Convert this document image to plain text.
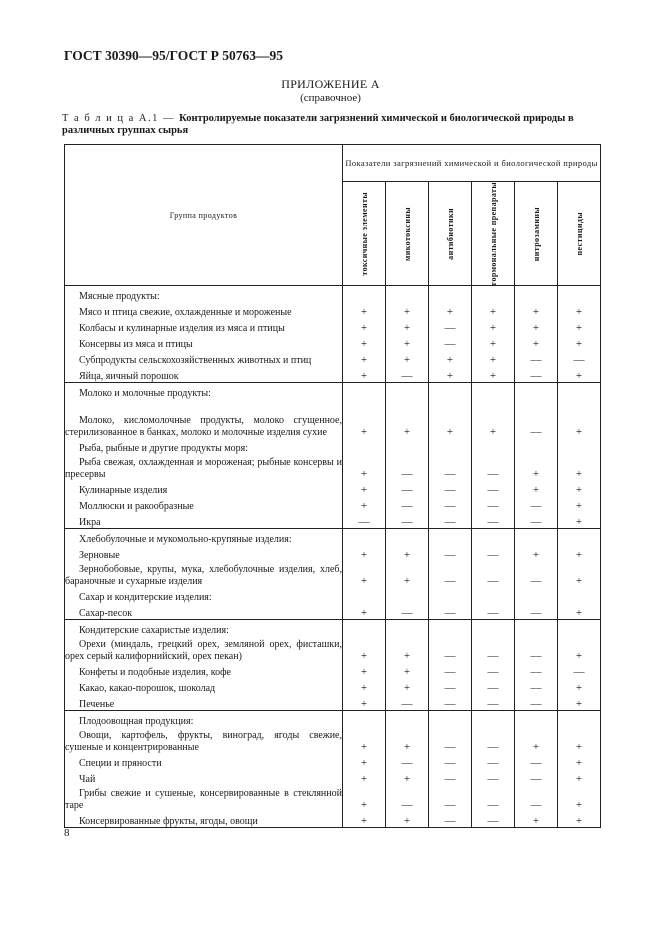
ГОСТ 30390—95/ГОСТ Р 50763—95
ПРИЛОЖЕНИЕ А
(справочное)
Т а б л и ц а А.1 — Контролируемые показатели загрязнений химической и биологической природы в различных группах сырья
Группа продуктов	Показатели загрязнений химической и биологической природы					

	токсичные элементы	микотоксины	антибиотики	гормональные препараты	нитрозамины	пестициды

Мясные продукты:						
Мясо и птица свежие, охлажденные и мороженые	+	+	+	+	+	+
Колбасы и кулинарные изделия из мяса и птицы	+	+	—	+	+	+
Консервы из мяса и птицы	+	+	—	+	+	+
Субпродукты сельскохозяйственных животных и птиц	+	+	+	+	—	—
Яйца, яичный порошок	+	—	+	+	—	+
Молоко и молочные продукты:						
Молоко, кисломолочные продукты, молоко сгущенное, стерилизованное в банках, молоко и молочные изделия сухие	+	+	+	+	—	+
Рыба, рыбные и другие продукты моря:						
Рыба свежая, охлажденная и мороженая; рыбные консервы и пресервы	+	—	—	—	+	+
Кулинарные изделия	+	—	—	—	+	+
Моллюски и ракообразные	+	—	—	—	—	+
Икра	—	—	—	—	—	+
Хлебобулочные и мукомольно-крупяные изделия:						
Зерновые	+	+	—	—	+	+
Зернобобовые, крупы, мука, хлебобулочные изделия, хлеб, бараночные и сухарные изделия	+	+	—	—	—	+
Сахар и кондитерские изделия:						
Сахар-песок	+	—	—	—	—	+
Кондитерские сахаристые изделия:						
Орехи (миндаль, грецкий орех, земляной орех, фисташки, орех серый калифорнийский, орех пекан)	+	+	—	—	—	+
Конфеты и подобные изделия, кофе	+	+	—	—	—	—
Какао, какао-порошок, шоколад	+	+	—	—	—	+
Печенье	+	—	—	—	—	+
Плодоовощная продукция:						
Овощи, картофель, фрукты, виноград, ягоды свежие, сушеные и концентрированные	+	+	—	—	+	+
Специи и пряности	+	—	—	—	—	+
Чай	+	+	—	—	—	+
Грибы свежие и сушеные, консервированные в стеклянной таре	+	—	—	—	—	+
Консервированные фрукты, ягоды, овощи	+	+	—	—	+	+
8
